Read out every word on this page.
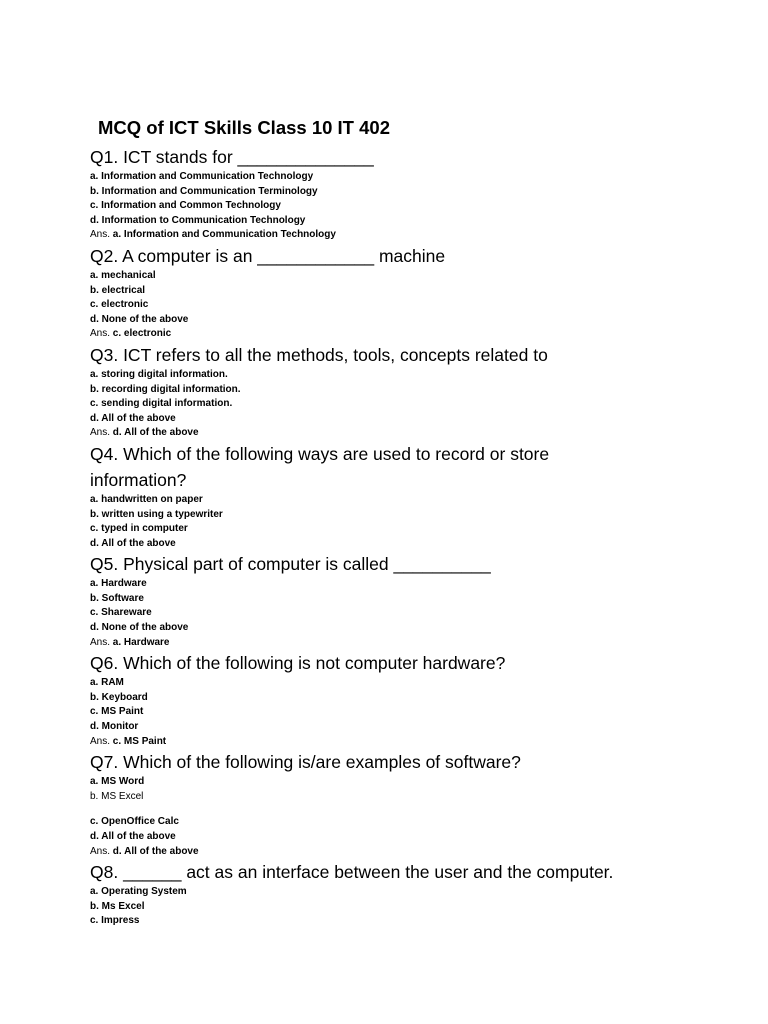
MCQ of ICT Skills Class 10 IT 402

Q1. ICT stands for ______________

a. Information and Communication Technology
b. Information and Communication Terminology
c. Information and Common Technology
d. Information to Communication Technology
Ans. a. Information and Communication Technology

Q2. A computer is an ____________ machine

a. mechanical
b. electrical
c. electronic
d. None of the above
Ans. c. electronic

Q3. ICT refers to all the methods, tools, concepts related to

a. storing digital information.
b. recording digital information.
c. sending digital information.
d. All of the above
Ans. d. All of the above

Q4. Which of the following ways are used to record or store information?

a. handwritten on paper
b. written using a typewriter
c. typed in computer
d. All of the above

Q5. Physical part of computer is called __________

a. Hardware
b. Software
c. Shareware
d. None of the above
Ans. a. Hardware

Q6. Which of the following is not computer hardware?

a. RAM
b. Keyboard
c. MS Paint
d. Monitor
Ans. c. MS Paint

Q7. Which of the following is/are examples of software?

a. MS Word
b. MS Excel
c. OpenOffice Calc
d. All of the above
Ans. d. All of the above

Q8. ______ act as an interface between the user and the computer.

a. Operating System
b. Ms Excel
c. Impress
